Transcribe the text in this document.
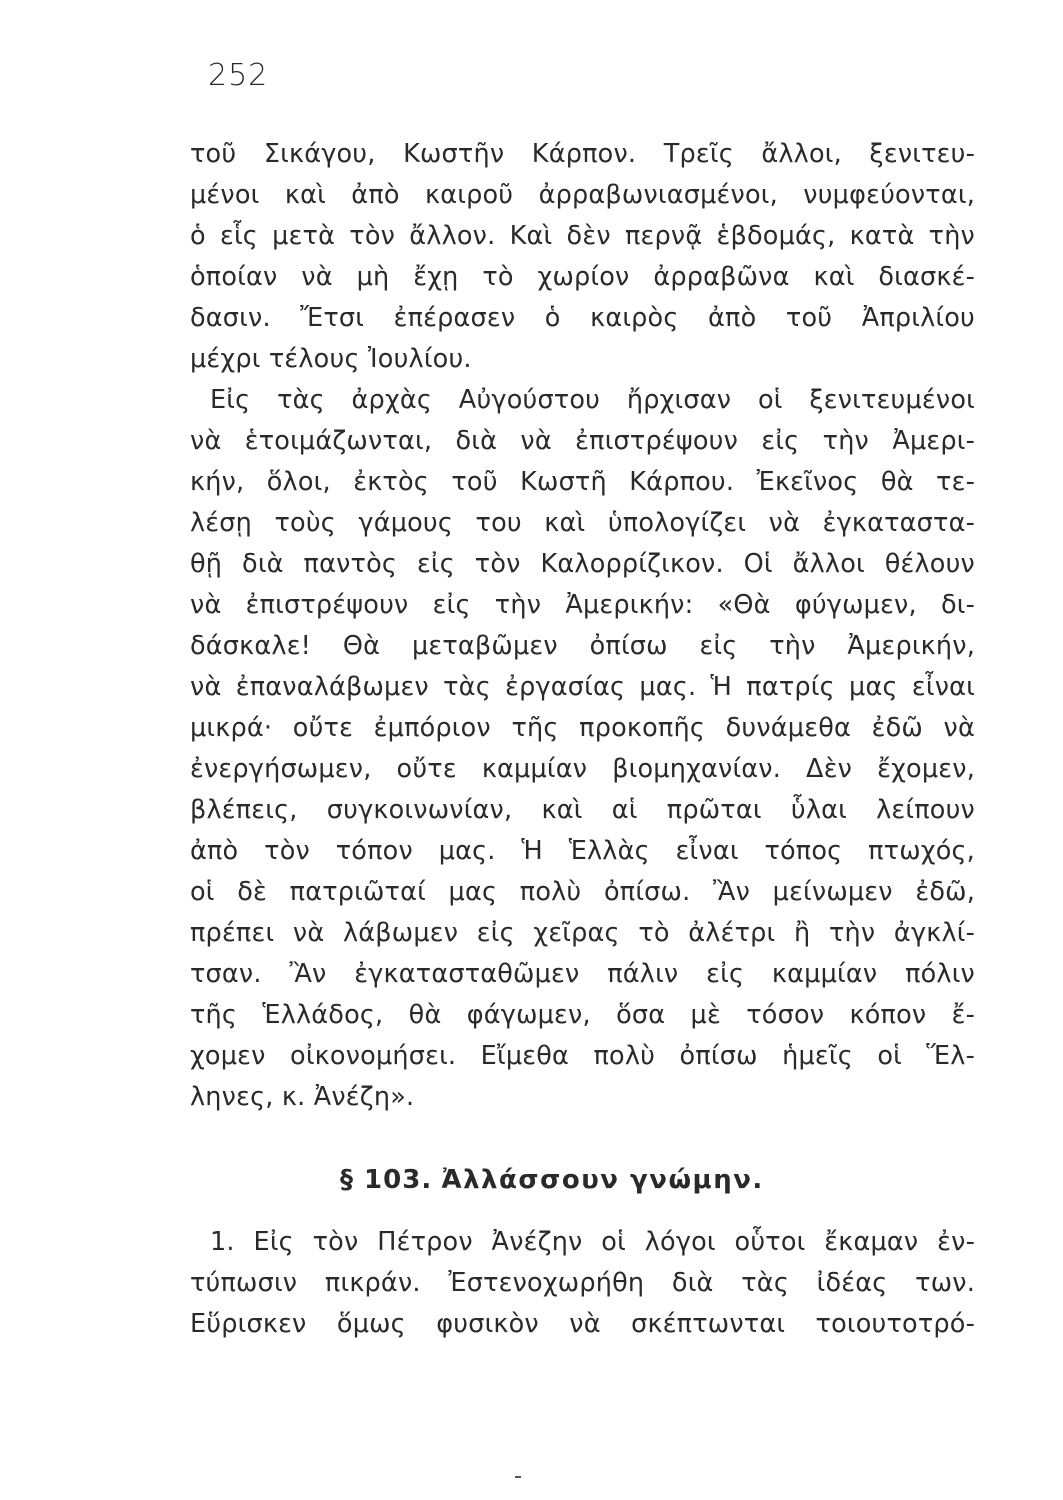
252
τοῦ Σικάγου, Κωστῆν Κάρπον. Τρεῖς ἄλλοι, ξενιτευ-
μένοι καὶ ἀπὸ καιροῦ ἀρραβωνιασμένοι, νυμφεύονται,
ὁ εἷς μετὰ τὸν ἄλλον. Καὶ δὲν περνᾷ ἑβδομάς, κατὰ τὴν
ὁποίαν νὰ μὴ ἔχῃ τὸ χωρίον ἀρραβῶνα καὶ διασκέ-
δασιν. Ἔτσι ἐπέρασεν ὁ καιρὸς ἀπὸ τοῦ Ἀπριλίου
μέχρι τέλους Ἰουλίου.
Εἰς τὰς ἀρχὰς Αὐγούστου ἤρχισαν οἱ ξενιτευμένοι
νὰ ἑτοιμάζωνται, διὰ νὰ ἐπιστρέψουν εἰς τὴν Ἀμερι-
κήν, ὅλοι, ἐκτὸς τοῦ Κωστῆ Κάρπου. Ἐκεῖνος θὰ τε-
λέσῃ τοὺς γάμους του καὶ ὑπολογίζει νὰ ἐγκαταστα-
θῇ διὰ παντὸς εἰς τὸν Καλορρίζικον. Οἱ ἄλλοι θέλουν
νὰ ἐπιστρέψουν εἰς τὴν Ἀμερικήν: «Θὰ φύγωμεν, δι-
δάσκαλε! Θὰ μεταβῶμεν ὀπίσω εἰς τὴν Ἀμερικήν,
νὰ ἐπαναλάβωμεν τὰς ἐργασίας μας. Ἡ πατρίς μας εἶναι
μικρά· οὔτε ἐμπόριον τῆς προκοπῆς δυνάμεθα ἐδῶ νὰ
ἐνεργήσωμεν, οὔτε καμμίαν βιομηχανίαν. Δὲν ἔχομεν,
βλέπεις, συγκοινωνίαν, καὶ αἱ πρῶται ὗλαι λείπουν
ἀπὸ τὸν τόπον μας. Ἡ Ἑλλὰς εἶναι τόπος πτωχός,
οἱ δὲ πατριῶταί μας πολὺ ὀπίσω. Ἂν μείνωμεν ἐδῶ,
πρέπει νὰ λάβωμεν εἰς χεῖρας τὸ ἀλέτρι ἢ τὴν ἀγκλί-
τσαν. Ἂν ἐγκατασταθῶμεν πάλιν εἰς καμμίαν πόλιν
τῆς Ἑλλάδος, θὰ φάγωμεν, ὅσα μὲ τόσον κόπον ἔ-
χομεν οἰκονομήσει. Εἴμεθα πολὺ ὀπίσω ἡμεῖς οἱ Ἕλ-
ληνες, κ. Ἀνέζη».
§ 103. Ἀλλάσσουν γνώμην.
1. Εἰς τὸν Πέτρον Ἀνέζην οἱ λόγοι οὗτοι ἔκαμαν ἐν-
τύπωσιν πικράν. Ἐστενοχωρήθη διὰ τὰς ἰδέας των.
Εὕρισκεν ὅμως φυσικὸν νὰ σκέπτωνται τοιουτοτρό-
